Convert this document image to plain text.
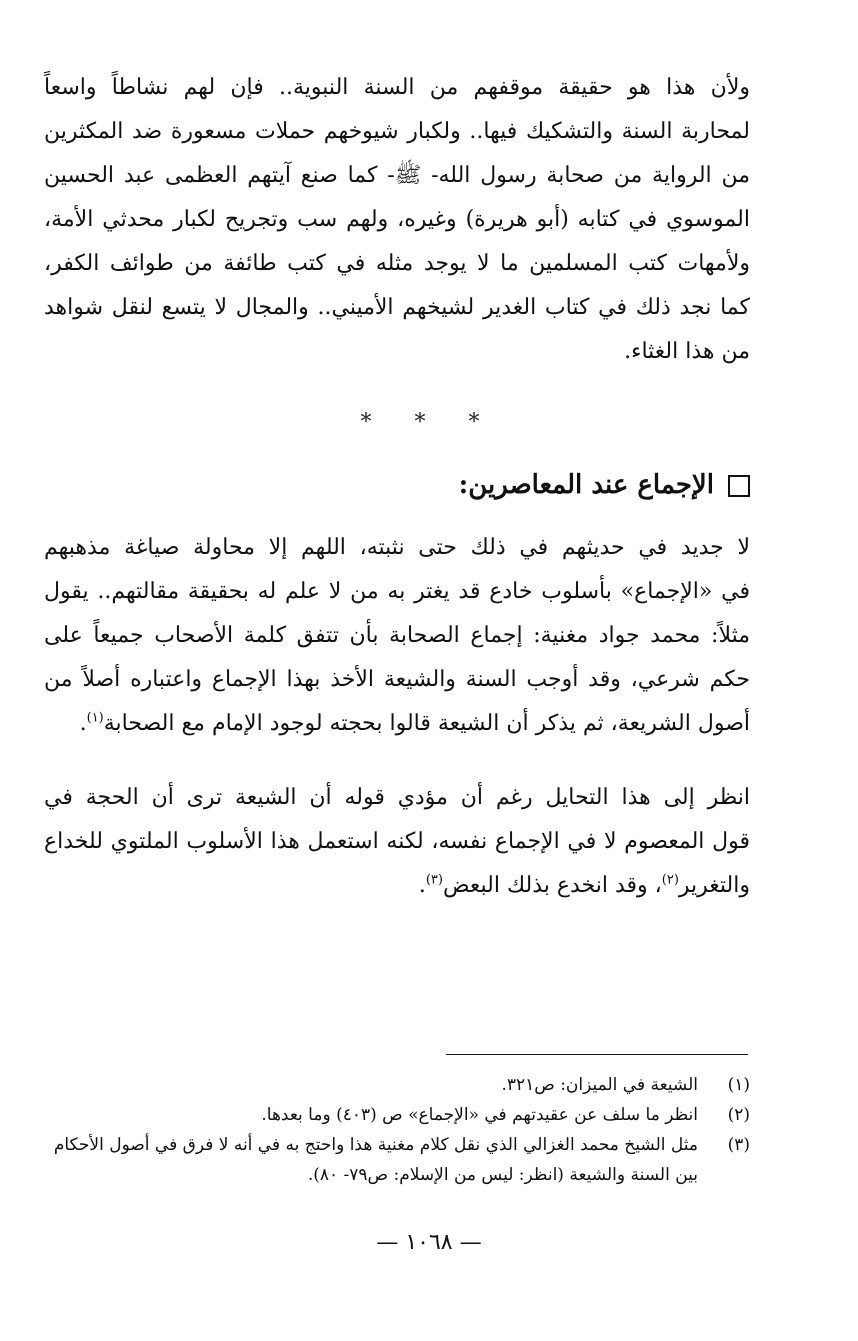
ولأن هذا هو حقيقة موقفهم من السنة النبوية.. فإن لهم نشاطاً واسعاً
لمحاربة السنة والتشكيك فيها.. ولكبار شيوخهم حملات مسعورة ضد المكثرين
من الرواية من صحابة رسول الله- ﷺ- كما صنع آيتهم العظمى عبد الحسين
الموسوي في كتابه (أبو هريرة) وغيره، ولهم سب وتجريح لكبار محدثي الأمة،
ولأمهات كتب المسلمين ما لا يوجد مثله في كتب طائفة من طوائف الكفر،
كما نجد ذلك في كتاب الغدير لشيخهم الأميني.. والمجال لا يتسع لنقل شواهد
من هذا الغثاء.
* * *
الإجماع عند المعاصرين:
لا جديد في حديثهم في ذلك حتى نثبته، اللهم إلا محاولة صياغة مذهبهم
في «الإجماع» بأسلوب خادع قد يغتر به من لا علم له بحقيقة مقالتهم.. يقول
مثلاً: محمد جواد مغنية: إجماع الصحابة بأن تتفق كلمة الأصحاب جميعاً على
حكم شرعي، وقد أوجب السنة والشيعة الأخذ بهذا الإجماع واعتباره أصلاً من
أصول الشريعة، ثم يذكر أن الشيعة قالوا بحجته لوجود الإمام مع الصحابة$^{(١)}$.
انظر إلى هذا التحايل رغم أن مؤدي قوله أن الشيعة ترى أن الحجة في
قول المعصوم لا في الإجماع نفسه، لكنه استعمل هذا الأسلوب الملتوي للخداع
والتغرير$^{(٢)}$، وقد انخدع بذلك البعض$^{(٣)}$.
(١)
الشيعة في الميزان: ص٣٢١.
(٢)
انظر ما سلف عن عقيدتهم في «الإجماع» ص (٤٠٣) وما بعدها.
(٣)
مثل الشيخ محمد الغزالي الذي نقل كلام مغنية هذا واحتج به في أنه لا فرق في أصول الأحكام بين السنة والشيعة (انظر: ليس من الإسلام: ص٧٩- ٨٠).
— ١٠٦٨ —
